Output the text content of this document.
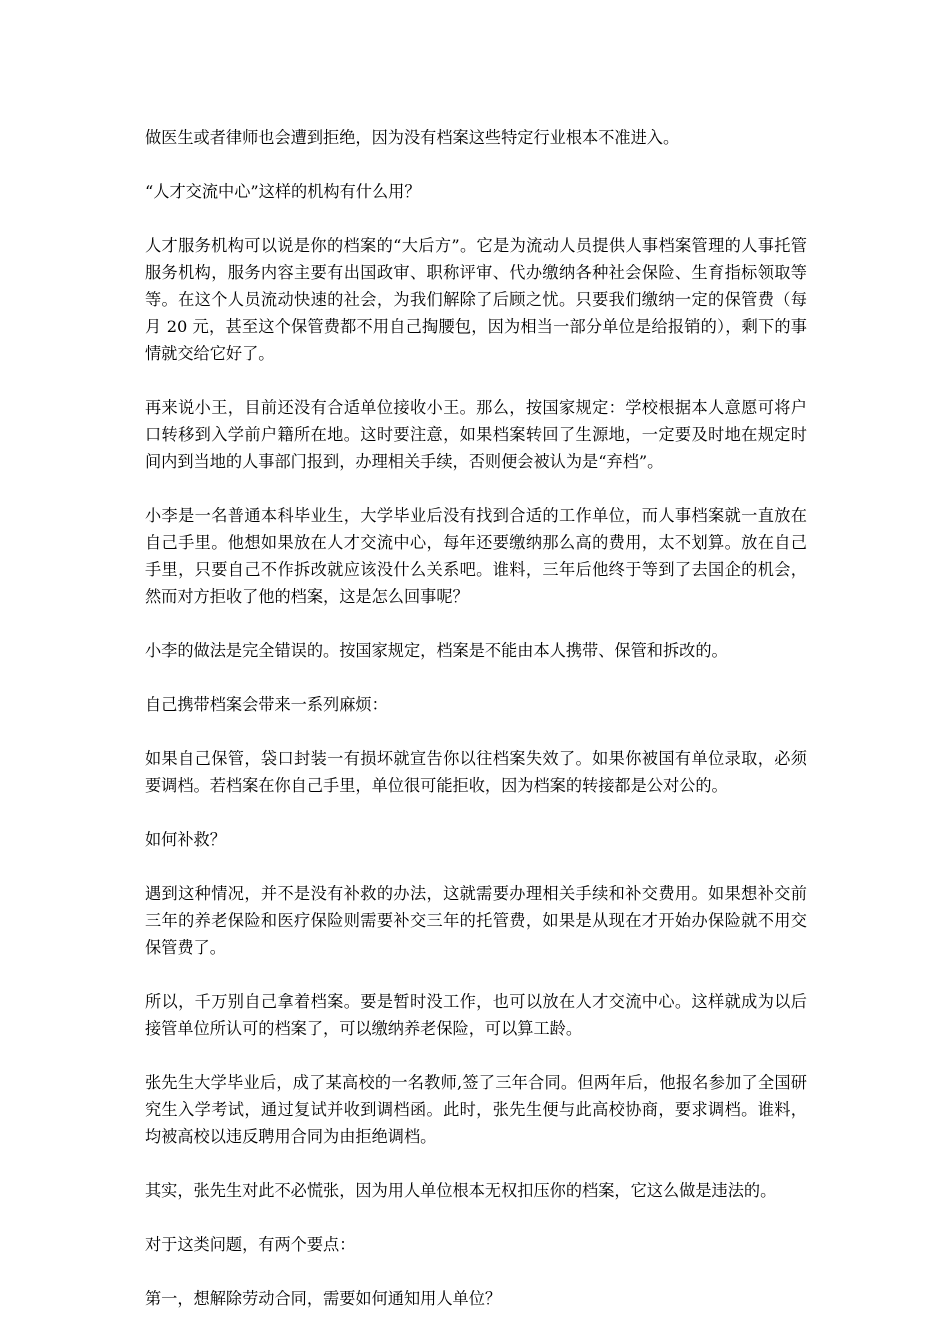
做医生或者律师也会遭到拒绝，因为没有档案这些特定行业根本不准进入。

“人才交流中心”这样的机构有什么用？

人才服务机构可以说是你的档案的“大后方”。它是为流动人员提供人事档案管理的人事托管服务机构，服务内容主要有出国政审、职称评审、代办缴纳各种社会保险、生育指标领取等等。在这个人员流动快速的社会，为我们解除了后顾之忧。只要我们缴纳一定的保管费（每月 20 元，甚至这个保管费都不用自己掏腰包，因为相当一部分单位是给报销的），剩下的事情就交给它好了。

再来说小王，目前还没有合适单位接收小王。那么，按国家规定：学校根据本人意愿可将户口转移到入学前户籍所在地。这时要注意，如果档案转回了生源地，一定要及时地在规定时间内到当地的人事部门报到，办理相关手续，否则便会被认为是“弃档”。

小李是一名普通本科毕业生，大学毕业后没有找到合适的工作单位，而人事档案就一直放在自己手里。他想如果放在人才交流中心，每年还要缴纳那么高的费用，太不划算。放在自己手里，只要自己不作拆改就应该没什么关系吧。谁料，三年后他终于等到了去国企的机会，然而对方拒收了他的档案，这是怎么回事呢？

小李的做法是完全错误的。按国家规定，档案是不能由本人携带、保管和拆改的。

自己携带档案会带来一系列麻烦：

如果自己保管，袋口封装一有损坏就宣告你以往档案失效了。如果你被国有单位录取，必须要调档。若档案在你自己手里，单位很可能拒收，因为档案的转接都是公对公的。

如何补救？

遇到这种情况，并不是没有补救的办法，这就需要办理相关手续和补交费用。如果想补交前三年的养老保险和医疗保险则需要补交三年的托管费，如果是从现在才开始办保险就不用交保管费了。

所以，千万别自己拿着档案。要是暂时没工作，也可以放在人才交流中心。这样就成为以后接管单位所认可的档案了，可以缴纳养老保险，可以算工龄。

张先生大学毕业后，成了某高校的一名教师,签了三年合同。但两年后，他报名参加了全国研究生入学考试，通过复试并收到调档函。此时，张先生便与此高校协商，要求调档。谁料，均被高校以违反聘用合同为由拒绝调档。

其实，张先生对此不必慌张，因为用人单位根本无权扣压你的档案，它这么做是违法的。

对于这类问题，有两个要点：

第一，想解除劳动合同，需要如何通知用人单位？
